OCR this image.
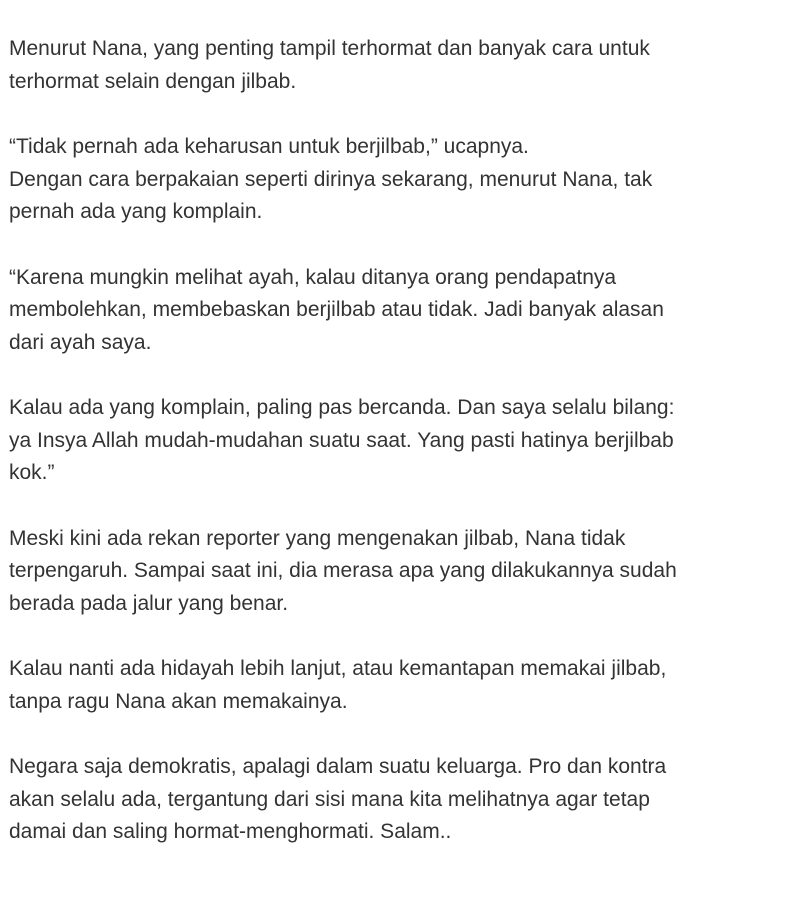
Menurut Nana, yang penting tampil terhormat dan banyak cara untuk
terhormat selain dengan jilbab.

“Tidak pernah ada keharusan untuk berjilbab,” ucapnya.
Dengan cara berpakaian seperti dirinya sekarang, menurut Nana, tak
pernah ada yang komplain.

“Karena mungkin melihat ayah, kalau ditanya orang pendapatnya
membolehkan, membebaskan berjilbab atau tidak. Jadi banyak alasan
dari ayah saya.

Kalau ada yang komplain, paling pas bercanda. Dan saya selalu bilang:
ya Insya Allah mudah-mudahan suatu saat. Yang pasti hatinya berjilbab
kok.”

Meski kini ada rekan reporter yang mengenakan jilbab, Nana tidak
terpengaruh. Sampai saat ini, dia merasa apa yang dilakukannya sudah
berada pada jalur yang benar.

Kalau nanti ada hidayah lebih lanjut, atau kemantapan memakai jilbab,
tanpa ragu Nana akan memakainya.

Negara saja demokratis, apalagi dalam suatu keluarga. Pro dan kontra
akan selalu ada, tergantung dari sisi mana kita melihatnya agar tetap
damai dan saling hormat-menghormati. Salam..
